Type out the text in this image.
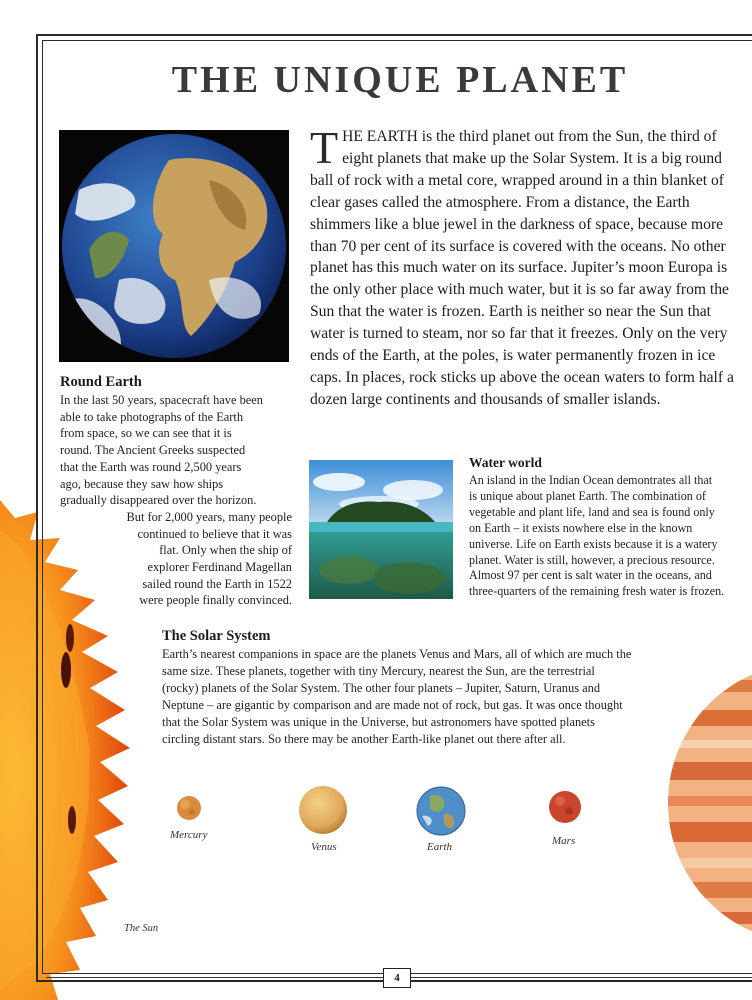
THE UNIQUE PLANET
Round Earth
In the last 50 years, spacecraft have been
able to take photographs of the Earth
from space, so we can see that it is
round. The Ancient Greeks suspected
that the Earth was round 2,500 years
ago, because they saw how ships
gradually disappeared over the horizon.
But for 2,000 years, many people
continued to believe that it was
flat. Only when the ship of
explorer Ferdinand Magellan
sailed round the Earth in 1522
were people finally convinced.
THE EARTH is the third planet out from the Sun, the third of eight planets that make up the Solar System. It is a big round ball of rock with a metal core, wrapped around in a thin blanket of clear gases called the atmosphere. From a distance, the Earth shimmers like a blue jewel in the darkness of space, because more than 70 per cent of its surface is covered with the oceans. No other planet has this much water on its surface. Jupiter’s moon Europa is the only other place with much water, but it is so far away from the Sun that the water is frozen. Earth is neither so near the Sun that water is turned to steam, nor so far that it freezes. Only on the very ends of the Earth, at the poles, is water permanently frozen in ice caps. In places, rock sticks up above the ocean waters to form half a dozen large continents and thousands of smaller islands.
Water world
An island in the Indian Ocean demontrates all that
is unique about planet Earth. The combination of
vegetable and plant life, land and sea is found only
on Earth – it exists nowhere else in the known
universe. Life on Earth exists because it is a watery
planet. Water is still, however, a precious resource.
Almost 97 per cent is salt water in the oceans, and
three-quarters of the remaining fresh water is frozen.
The Solar System
Earth’s nearest companions in space are the planets Venus and Mars, all of which are much the same size. These planets, together with tiny Mercury, nearest the Sun, are the terrestrial (rocky) planets of the Solar System. The other four planets – Jupiter, Saturn, Uranus and Neptune – are gigantic by comparison and are made not of rock, but gas. It was once thought that the Solar System was unique in the Universe, but astronomers have spotted planets circling distant stars. So there may be another Earth-like planet out there after all.
Mercury
Venus	Earth	Mars
The Sun
4
